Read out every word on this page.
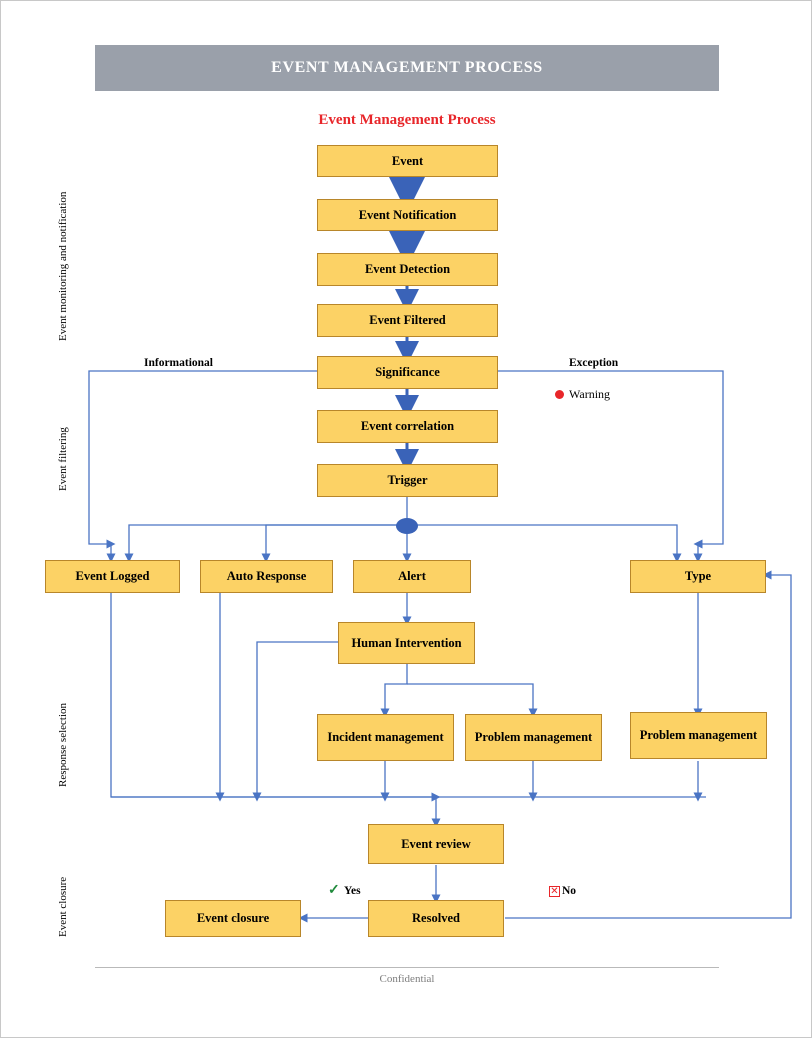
EVENT MANAGEMENT PROCESS
Event Management Process
Event monitoring and notification
Event filtering
Response selection
Event closure
Event
Event Notification
Event Detection
Event Filtered
Significance
Event correlation
Trigger
Event Logged	Auto Response	Alert	Type
Human Intervention
Incident management Problem management	Problem management
Event review
Resolved
Event closure
Informational	Exception
✓ Yes	✕ No
Warning
Confidential
